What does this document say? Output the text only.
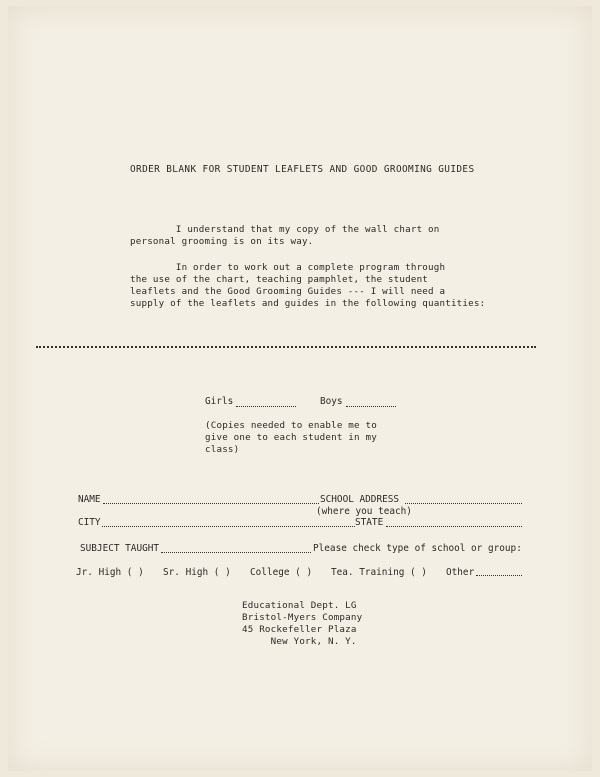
ORDER BLANK FOR STUDENT LEAFLETS AND GOOD GROOMING GUIDES
I understand that my copy of the wall chart on
personal grooming is on its way.
In order to work out a complete program through
the use of the chart, teaching pamphlet, the student
leaflets and the Good Grooming Guides --- I will need a
supply of the leaflets and guides in the following quantities:
Girls	Boys
(Copies needed to enable me to
give one to each student in my
class)
NAME	SCHOOL ADDRESS
(where you teach)
CITY	STATE
SUBJECT TAUGHT	Please check type of school or group:
Jr. High ( ) Sr. High ( ) College ( ) Tea. Training ( ) Other
Educational Dept. LG
Bristol-Myers Company
45 Rockefeller Plaza
New York, N. Y.
